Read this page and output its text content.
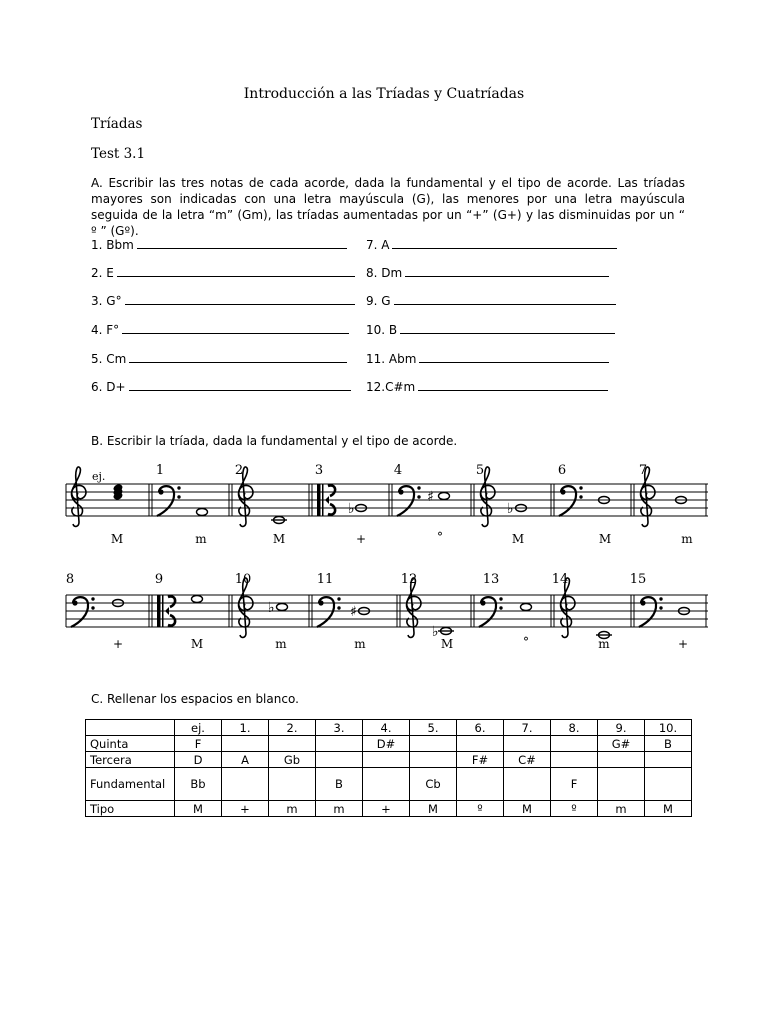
Introducción a las Tríadas y Cuatríadas
Tríadas
Test 3.1
A. Escribir las tres notas de cada acorde, dada la fundamental y el tipo de acorde. Las tríadas mayores son indicadas con una letra mayúscula (G), las menores por una letra mayúscula seguida de la letra “m” (Gm), las tríadas aumentadas por un “+” (G+) y las disminuidas por un “ º ” (Gº).
1. Bbm
2. E
3. G°
4. F°
5. Cm
6. D+
7. A
8. Dm
9. G
10. B
11. Abm
12.C#m
B. Escribir la tríada, dada la fundamental y el tipo de acorde.
♭
♯
♭
ej.	1	2	3	4	5	6	7
M	m	M	+	°	M	M	m
♭	♯
♭
8	9	10	11	12	13	14	15
+	M	m	m	M	°	m	+
C. Rellenar los espacios en blanco.
	ej.	1.	2.	3.	4.	5.	6.	7.	8.	9.	10.
Quinta	F				D#					G#	B
Tercera	D	A	Gb				F#	C#			
Fundamental	Bb			B		Cb			F		
Tipo	M	+	m	m	+	M	º	M	º	m	M
